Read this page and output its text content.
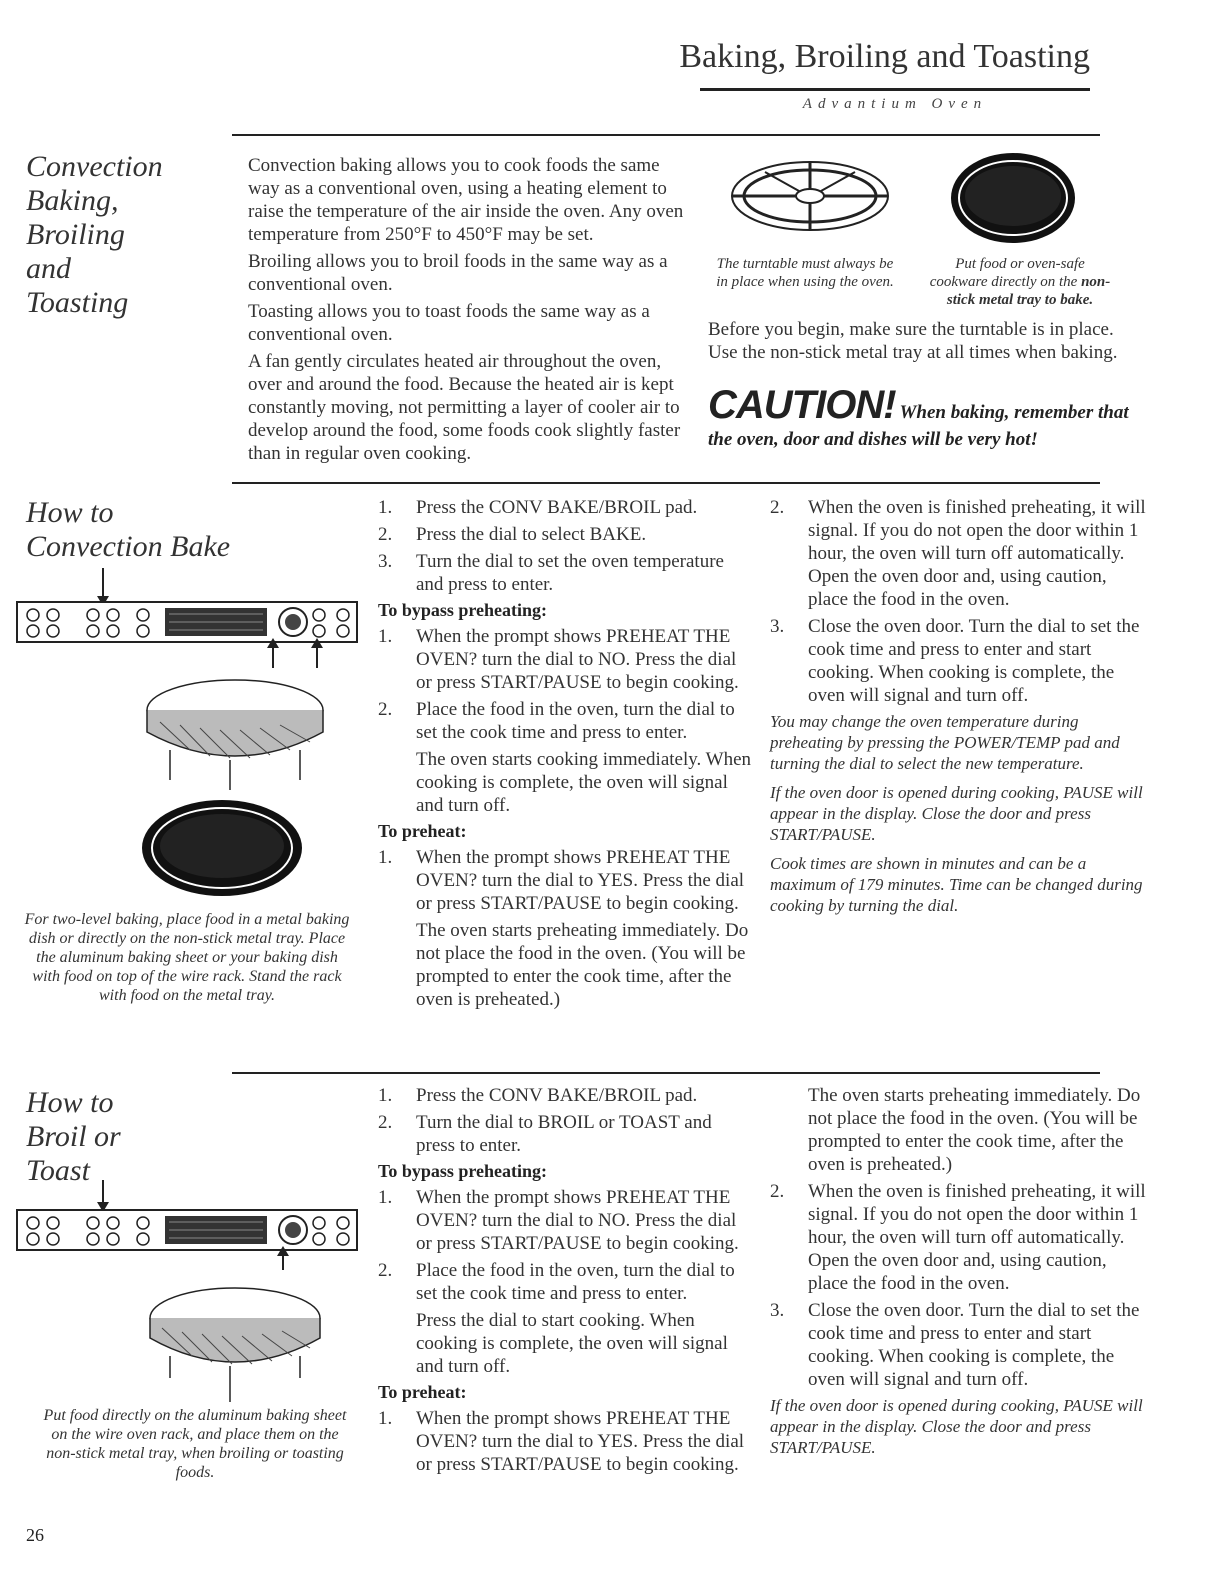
Baking, Broiling and Toasting
Advantium Oven
Convection
Baking,
Broiling
and
Toasting

Convection baking allows you to cook foods the same way as a conventional oven, using a heating element to raise the temperature of the air inside the oven. Any oven temperature from 250°F to 450°F may be set.

Broiling allows you to broil foods in the same way as a conventional oven.

Toasting allows you to toast foods the same way as a conventional oven.

A fan gently circulates heated air throughout the oven, over and around the food. Because the heated air is kept constantly moving, not permitting a layer of cooler air to develop around the food, some foods cook slightly faster than in regular oven cooking.

The turntable must always be in place when using the oven.
Put food or oven-safe cookware directly on the non-stick metal tray to bake.
Before you begin, make sure the turntable is in place. Use the non-stick metal tray at all times when baking.
CAUTION! When baking, remember that the oven, door and dishes will be very hot!
How to
Convection Bake
For two-level baking, place food in a metal baking dish or directly on the non-stick metal tray. Place the aluminum baking sheet or your baking dish with food on top of the wire rack. Stand the rack with food on the metal tray.
1. Press the CONV BAKE/BROIL pad.
2. Press the dial to select BAKE.
3. Turn the dial to set the oven temperature and press to enter.
To bypass preheating:
1. When the prompt shows PREHEAT THE OVEN? turn the dial to NO. Press the dial or press START/PAUSE to begin cooking.
2. Place the food in the oven, turn the dial to set the cook time and press to enter.
The oven starts cooking immediately. When cooking is complete, the oven will signal and turn off.
To preheat:
1. When the prompt shows PREHEAT THE OVEN? turn the dial to YES. Press the dial or press START/PAUSE to begin cooking.
The oven starts preheating immediately. Do not place the food in the oven. (You will be prompted to enter the cook time, after the oven is preheated.)
2. When the oven is finished preheating, it will signal. If you do not open the door within 1 hour, the oven will turn off automatically. Open the oven door and, using caution, place the food in the oven.
3. Close the oven door. Turn the dial to set the cook time and press to enter and start cooking. When cooking is complete, the oven will signal and turn off.
You may change the oven temperature during preheating by pressing the POWER/TEMP pad and turning the dial to select the new temperature.
If the oven door is opened during cooking, PAUSE will appear in the display. Close the door and press START/PAUSE.
Cook times are shown in minutes and can be a maximum of 179 minutes. Time can be changed during cooking by turning the dial.
How to
Broil or
Toast
Put food directly on the aluminum baking sheet on the wire oven rack, and place them on the non-stick metal tray, when broiling or toasting foods.
1. Press the CONV BAKE/BROIL pad.
2. Turn the dial to BROIL or TOAST and press to enter.
To bypass preheating:
1. When the prompt shows PREHEAT THE OVEN? turn the dial to NO. Press the dial or press START/PAUSE to begin cooking.
2. Place the food in the oven, turn the dial to set the cook time and press to enter.
Press the dial to start cooking. When cooking is complete, the oven will signal and turn off.
To preheat:
1. When the prompt shows PREHEAT THE OVEN? turn the dial to YES. Press the dial or press START/PAUSE to begin cooking.
The oven starts preheating immediately. Do not place the food in the oven. (You will be prompted to enter the cook time, after the oven is preheated.)
2. When the oven is finished preheating, it will signal. If you do not open the door within 1 hour, the oven will turn off automatically. Open the oven door and, using caution, place the food in the oven.
3. Close the oven door. Turn the dial to set the cook time and press to enter and start cooking. When cooking is complete, the oven will signal and turn off.
If the oven door is opened during cooking, PAUSE will appear in the display. Close the door and press START/PAUSE.
26
